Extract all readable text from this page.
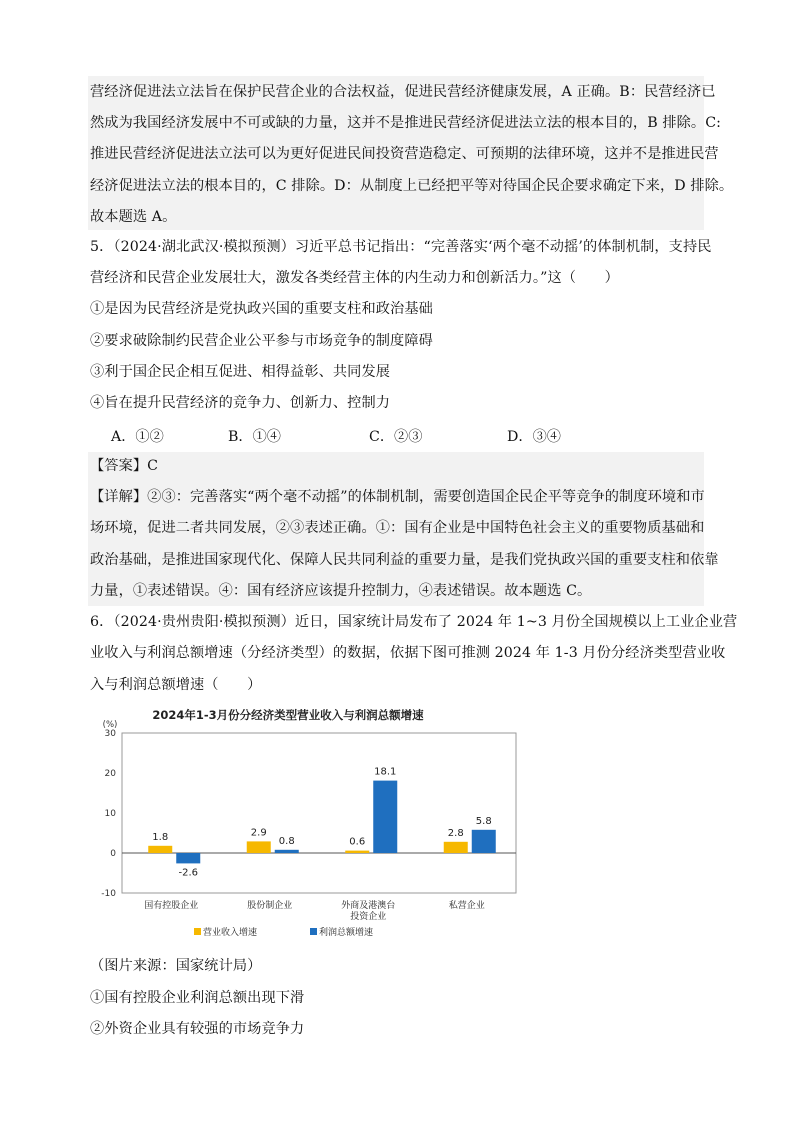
营经济促进法立法旨在保护民营企业的合法权益，促进民营经济健康发展，A 正确。B：民营经济已
然成为我国经济发展中不可或缺的力量，这并不是推进民营经济促进法立法的根本目的，B 排除。C:
推进民营经济促进法立法可以为更好促进民间投资营造稳定、可预期的法律环境，这并不是推进民营
经济促进法立法的根本目的，C 排除。D：从制度上已经把平等对待国企民企要求确定下来，D 排除。
故本题选 A。
5．（2024·湖北武汉·模拟预测）习近平总书记指出：“完善落实‘两个毫不动摇’的体制机制，支持民
营经济和民营企业发展壮大，激发各类经营主体的内生动力和创新活力。”这（　　）
①是因为民营经济是党执政兴国的重要支柱和政治基础
②要求破除制约民营企业公平参与市场竞争的制度障碍
③利于国企民企相互促进、相得益彰、共同发展
④旨在提升民营经济的竞争力、创新力、控制力
A．①②	B．①④	C．②③	D．③④
【答案】C
【详解】②③：完善落实“两个毫不动摇”的体制机制，需要创造国企民企平等竞争的制度环境和市
场环境，促进二者共同发展，②③表述正确。①：国有企业是中国特色社会主义的重要物质基础和
政治基础，是推进国家现代化、保障人民共同利益的重要力量，是我们党执政兴国的重要支柱和依靠
力量，①表述错误。④：国有经济应该提升控制力，④表述错误。故本题选 C。
6．（2024·贵州贵阳·模拟预测）近日，国家统计局发布了 2024 年 1~3 月份全国规模以上工业企业营
业收入与利润总额增速（分经济类型）的数据，依据下图可推测 2024 年 1-3 月份分经济类型营业收
入与利润总额增速（　　）
2024年1-3月份分经济类型营业收入与利润总额增速
(%)
30
20
10
0
-10
1.8
-2.6
国有控股企业
2.9
0.8
股份制企业
0.6
18.1
外商及港澳台
投资企业
2.8
5.8
私营企业
营业收入增速	利润总额增速
（图片来源：国家统计局）
①国有控股企业利润总额出现下滑
②外资企业具有较强的市场竞争力
